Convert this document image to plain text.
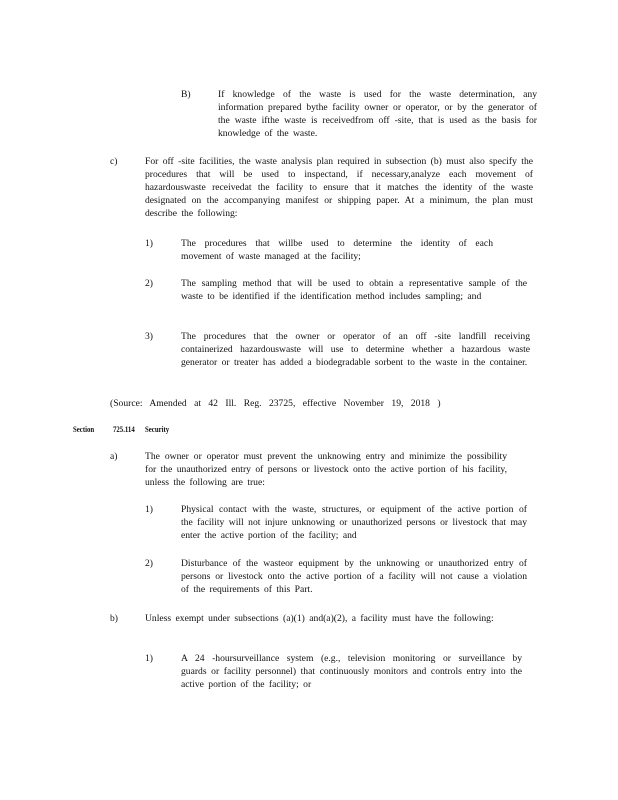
B)	If knowledge of the waste is used for the waste determination, any information prepared bythe facility owner or operator, or by the generator of the waste ifthe waste is receivedfrom off -site, that is used as the basis for knowledge of the waste.
c)	For off -site facilities, the waste analysis plan required in subsection (b) must also specify the procedures that will be used to inspectand, if necessary,analyze each movement of hazardouswaste receivedat the facility to ensure that it matches the identity of the waste designated on the accompanying manifest or shipping paper. At a minimum, the plan must describe the following:
1)	The procedures that willbe used to determine the identity of each movement of waste managed at the facility;
2)	The sampling method that will be used to obtain a representative sample of the waste to be identified if the identification method includes sampling; and
3)	The procedures that the owner or operator of an off -site landfill receiving containerized hazardouswaste will use to determine whether a hazardous waste generator or treater has added a biodegradable sorbent to the waste in the container.
(Source: Amended at 42 Ill. Reg. 23725, effective November 19, 2018 )
Section 725.114 Security
a)	The owner or operator must prevent the unknowing entry and minimize the possibility for the unauthorized entry of persons or livestock onto the active portion of his facility, unless the following are true:
1)	Physical contact with the waste, structures, or equipment of the active portion of the facility will not injure unknowing or unauthorized persons or livestock that may enter the active portion of the facility; and
2)	Disturbance of the wasteor equipment by the unknowing or unauthorized entry of persons or livestock onto the active portion of a facility will not cause a violation of the requirements of this Part.
b)	Unless exempt under subsections (a)(1) and(a)(2), a facility must have the following:
1)	A 24 -hoursurveillance system (e.g., television monitoring or surveillance by guards or facility personnel) that continuously monitors and controls entry into the active portion of the facility; or
